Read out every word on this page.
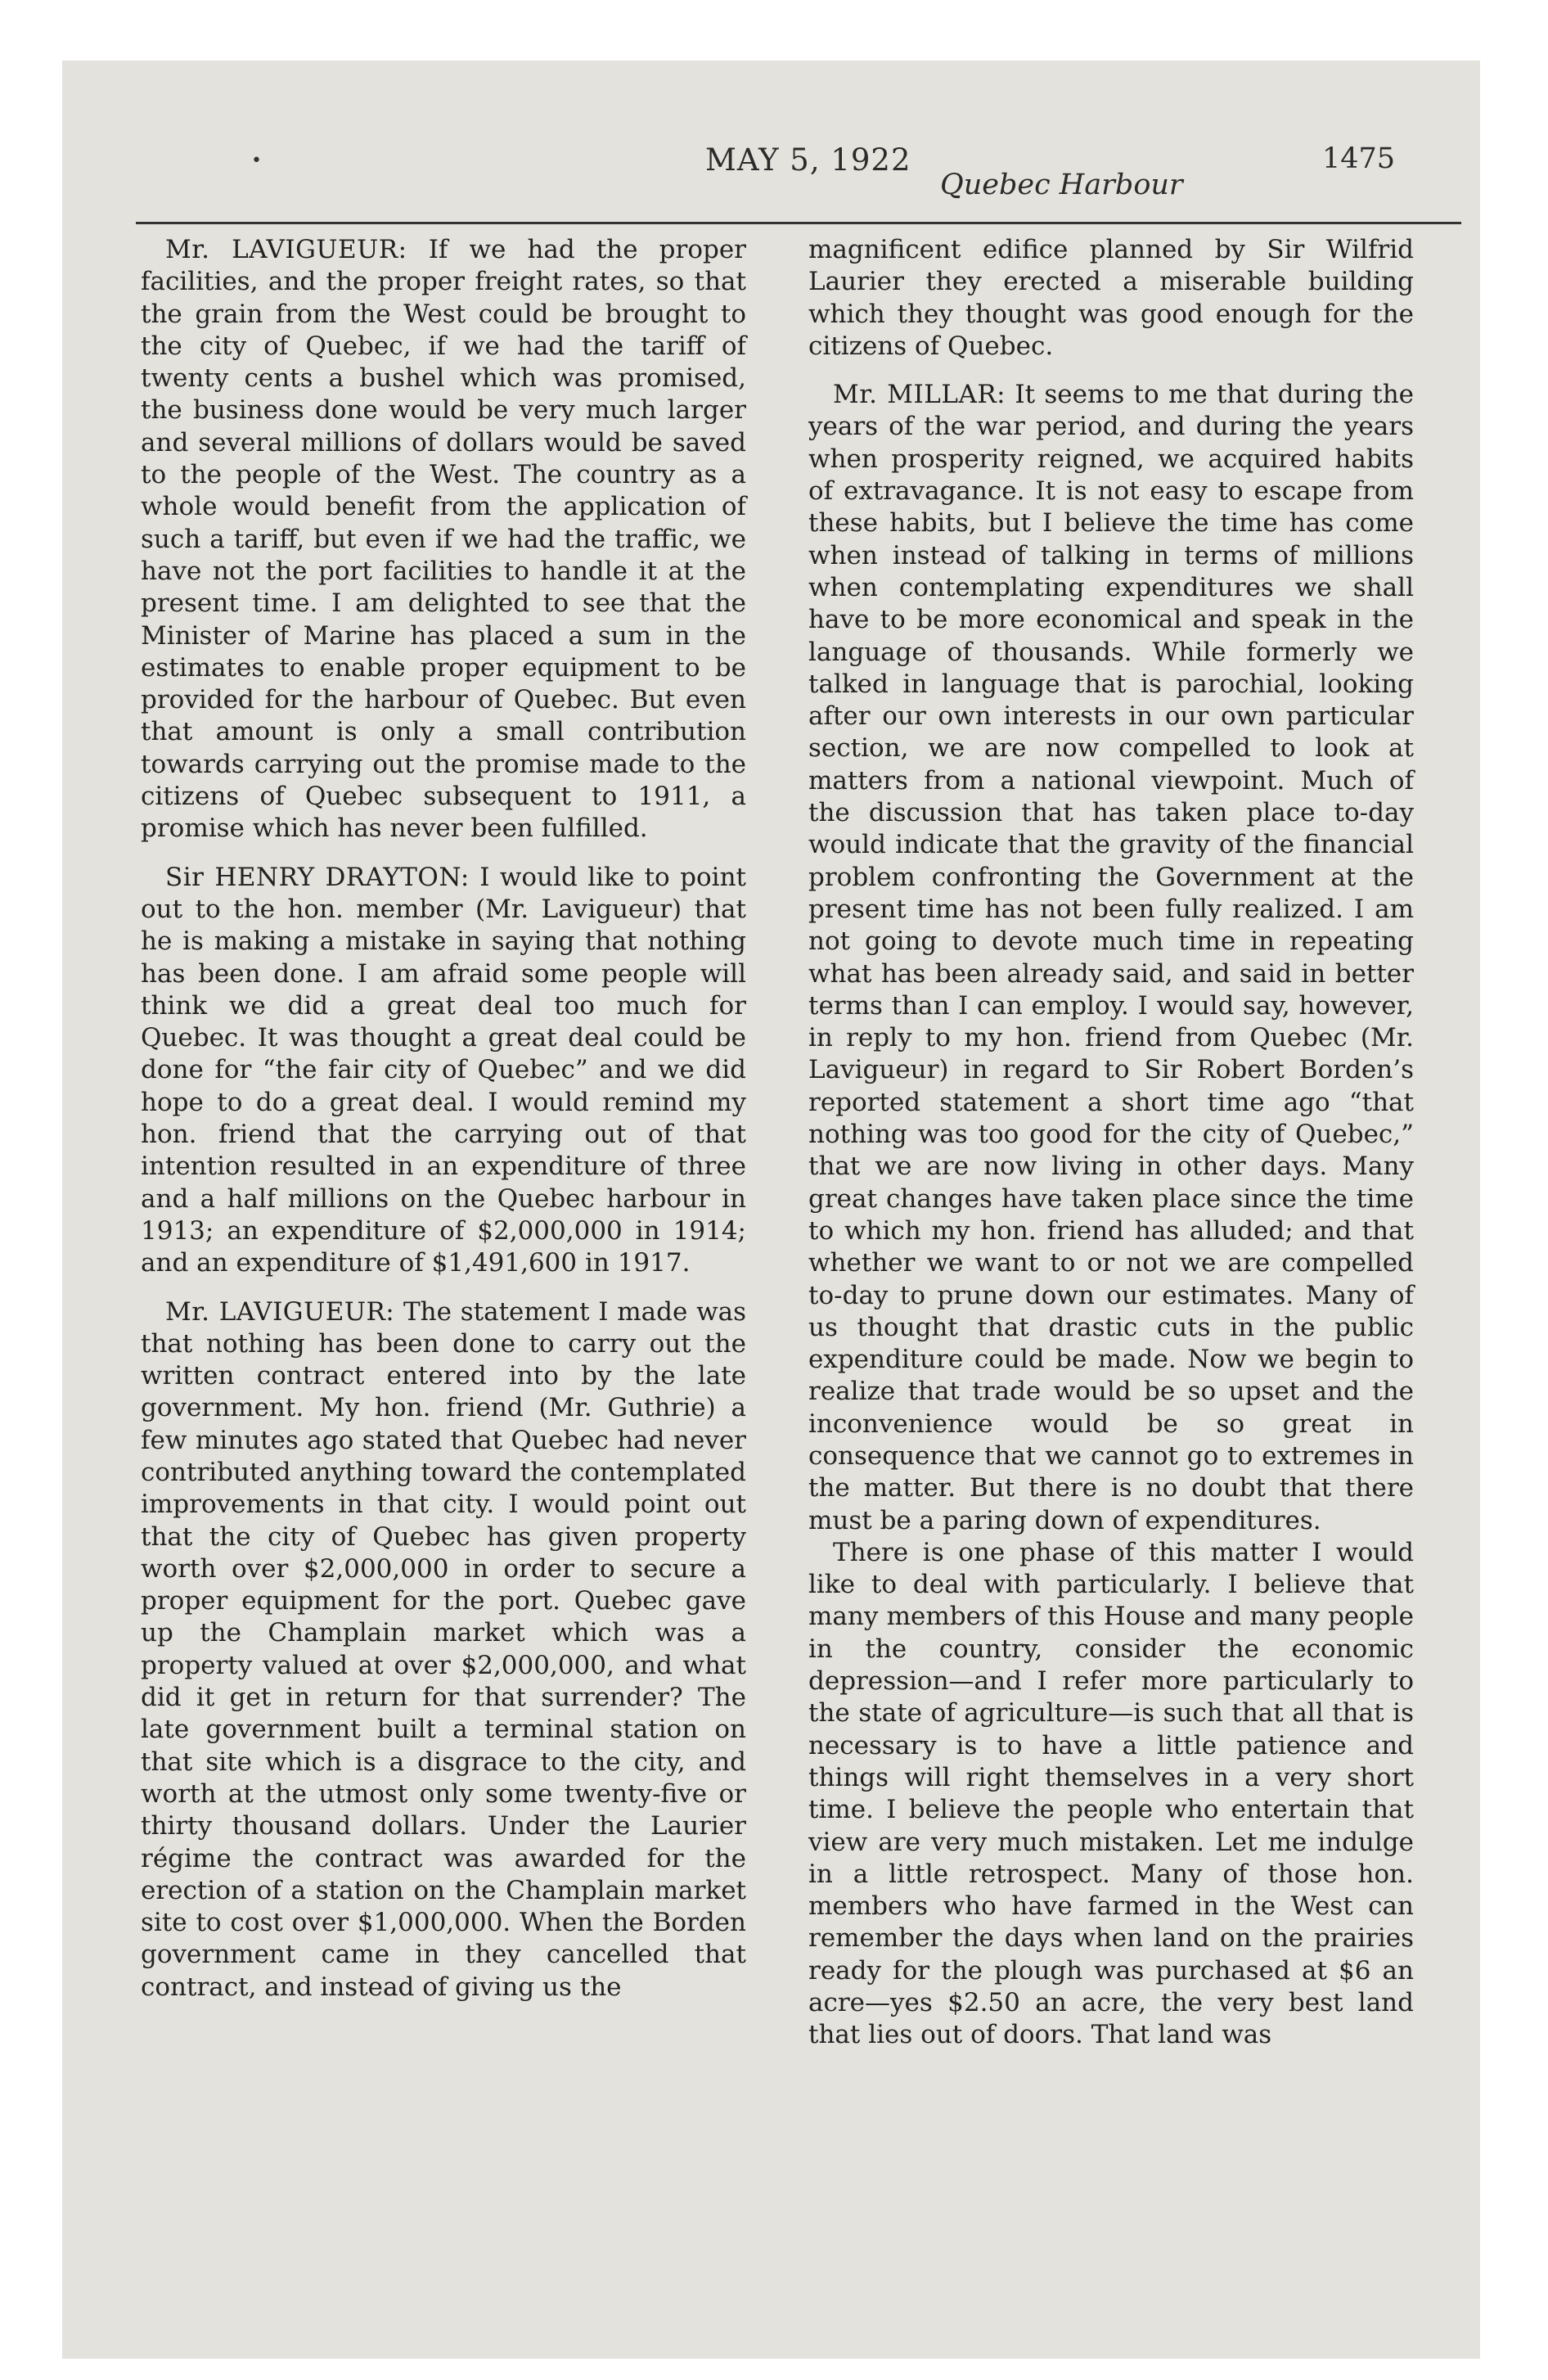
•	MAY 5, 1922
Quebec Harbour
1475

Mr. LAVIGUEUR: If we had the proper facilities, and the proper freight rates, so that the grain from the West could be brought to the city of Quebec, if we had the tariff of twenty cents a bushel which was promised, the business done would be very much larger and several millions of dollars would be saved to the people of the West. The country as a whole would benefit from the application of such a tariff, but even if we had the traffic, we have not the port facilities to handle it at the present time. I am delighted to see that the Minister of Marine has placed a sum in the estimates to enable proper equipment to be provided for the harbour of Quebec. But even that amount is only a small contribution towards carrying out the promise made to the citizens of Quebec subsequent to 1911, a promise which has never been fulfilled.

Sir HENRY DRAYTON: I would like to point out to the hon. member (Mr. Lavigueur) that he is making a mistake in saying that nothing has been done. I am afraid some people will think we did a great deal too much for Quebec. It was thought a great deal could be done for “the fair city of Quebec” and we did hope to do a great deal. I would remind my hon. friend that the carrying out of that intention resulted in an expenditure of three and a half millions on the Quebec harbour in 1913; an expenditure of $2,000,000 in 1914; and an expenditure of $1,491,600 in 1917.

Mr. LAVIGUEUR: The statement I made was that nothing has been done to carry out the written contract entered into by the late government. My hon. friend (Mr. Guthrie) a few minutes ago stated that Quebec had never contributed anything toward the contemplated improvements in that city. I would point out that the city of Quebec has given property worth over $2,000,000 in order to secure a proper equipment for the port. Quebec gave up the Champlain market which was a property valued at over $2,000,000, and what did it get in return for that surrender? The late government built a terminal station on that site which is a disgrace to the city, and worth at the utmost only some twenty-five or thirty thousand dollars. Under the Laurier régime the contract was awarded for the erection of a station on the Champlain market site to cost over $1,000,000. When the Borden government came in they cancelled that contract, and instead of giving us the

magnificent edifice planned by Sir Wilfrid Laurier they erected a miserable building which they thought was good enough for the citizens of Quebec.

Mr. MILLAR: It seems to me that during the years of the war period, and during the years when prosperity reigned, we acquired habits of extravagance. It is not easy to escape from these habits, but I believe the time has come when instead of talking in terms of millions when contemplating expenditures we shall have to be more economical and speak in the language of thousands. While formerly we talked in language that is parochial, looking after our own interests in our own particular section, we are now compelled to look at matters from a national viewpoint. Much of the discussion that has taken place to-day would indicate that the gravity of the financial problem confronting the Government at the present time has not been fully realized. I am not going to devote much time in repeating what has been already said, and said in better terms than I can employ. I would say, however, in reply to my hon. friend from Quebec (Mr. Lavigueur) in regard to Sir Robert Borden’s reported statement a short time ago “that nothing was too good for the city of Quebec,” that we are now living in other days. Many great changes have taken place since the time to which my hon. friend has alluded; and that whether we want to or not we are compelled to-day to prune down our estimates. Many of us thought that drastic cuts in the public expenditure could be made. Now we begin to realize that trade would be so upset and the inconvenience would be so great in consequence that we cannot go to extremes in the matter. But there is no doubt that there must be a paring down of expenditures.

There is one phase of this matter I would like to deal with particularly. I believe that many members of this House and many people in the country, consider the economic depression—and I refer more particularly to the state of agriculture—is such that all that is necessary is to have a little patience and things will right themselves in a very short time. I believe the people who entertain that view are very much mistaken. Let me indulge in a little retrospect. Many of those hon. members who have farmed in the West can remember the days when land on the prairies ready for the plough was purchased at $6 an acre—yes $2.50 an acre, the very best land that lies out of doors. That land was
